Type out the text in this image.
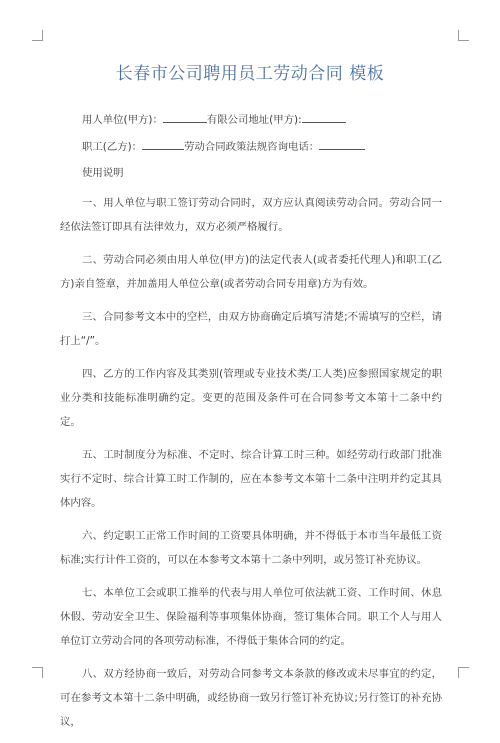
长春市公司聘用员工劳动合同 模板
用人单位(甲方)：	有限公司地址(甲方):
职工(乙方)：	劳动合同政策法规咨询电话：
使用说明

一、用人单位与职工签订劳动合同时，双方应认真阅读劳动合同。劳动合同一经依法签订即具有法律效力，双方必须严格履行。

二、劳动合同必须由用人单位(甲方)的法定代表人(或者委托代理人)和职工(乙方)亲自签章，并加盖用人单位公章(或者劳动合同专用章)方为有效。

三、合同参考文本中的空栏，由双方协商确定后填写清楚;不需填写的空栏，请打上“/”。

四、乙方的工作内容及其类别(管理或专业技术类/工人类)应参照国家规定的职业分类和技能标准明确约定。变更的范围及条件可在合同参考文本第十二条中约定。

五、工时制度分为标准、不定时、综合计算工时三种。如经劳动行政部门批准实行不定时、综合计算工时工作制的，应在本参考文本第十二条中注明并约定其具体内容。

六、约定职工正常工作时间的工资要具体明确，并不得低于本市当年最低工资标准;实行计件工资的，可以在本参考文本第十二条中列明，或另签订补充协议。

七、本单位工会或职工推举的代表与用人单位可依法就工资、工作时间、休息休假、劳动安全卫生、保险福利等事项集体协商，签订集体合同。职工个人与用人单位订立劳动合同的各项劳动标准，不得低于集体合同的约定。

八、双方经协商一致后，对劳动合同参考文本条款的修改或未尽事宜的约定，可在参考文本第十二条中明确，或经协商一致另行签订补充协议;另行签订的补充协议，
